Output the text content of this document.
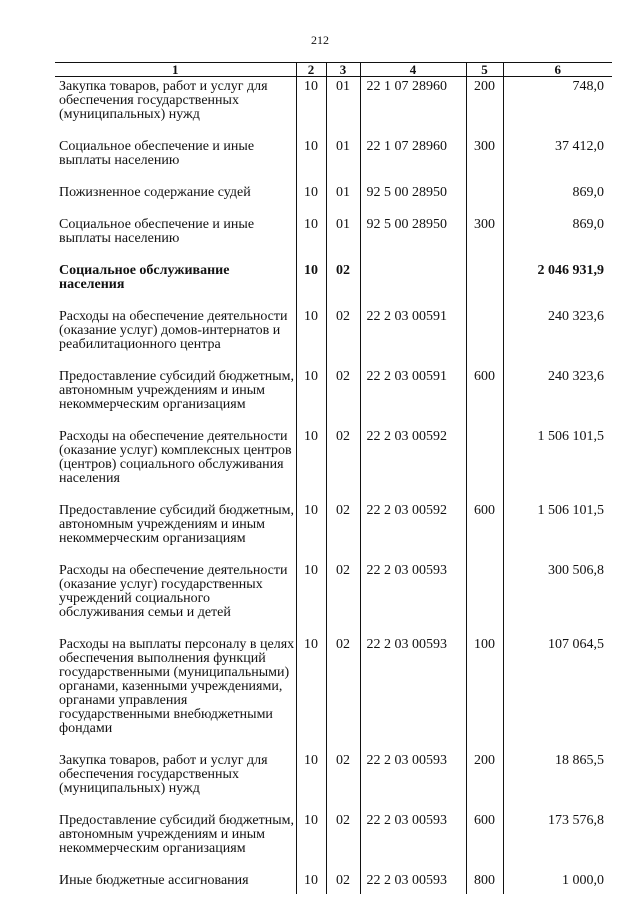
212
1	2	3	4	5	6
Закупка товаров, работ и услуг для обеспечения государственных (муниципальных) нужд	10	01	22 1 07 28960	200	748,0
Социальное обеспечение и иные выплаты населению	10	01	22 1 07 28960	300	37 412,0
Пожизненное содержание судей	10	01	92 5 00 28950		869,0
Социальное обеспечение и иные выплаты населению	10	01	92 5 00 28950	300	869,0
Социальное обслуживание населения	10	02			2 046 931,9
Расходы на обеспечение деятельности (оказание услуг) домов-интернатов и реабилитационного центра	10	02	22 2 03 00591		240 323,6
Предоставление субсидий бюджетным, автономным учреждениям и иным некоммерческим организациям	10	02	22 2 03 00591	600	240 323,6
Расходы на обеспечение деятельности (оказание услуг) комплексных центров (центров) социального обслуживания населения	10	02	22 2 03 00592		1 506 101,5
Предоставление субсидий бюджетным, автономным учреждениям и иным некоммерческим организациям	10	02	22 2 03 00592	600	1 506 101,5
Расходы на обеспечение деятельности (оказание услуг) государственных учреждений социального обслуживания семьи и детей	10	02	22 2 03 00593		300 506,8
Расходы на выплаты персоналу в целях обеспечения выполнения функций государственными (муниципальными) органами, казенными учреждениями, органами управления государственными внебюджетными фондами	10	02	22 2 03 00593	100	107 064,5
Закупка товаров, работ и услуг для обеспечения государственных (муниципальных) нужд	10	02	22 2 03 00593	200	18 865,5
Предоставление субсидий бюджетным, автономным учреждениям и иным некоммерческим организациям	10	02	22 2 03 00593	600	173 576,8
Иные бюджетные ассигнования	10	02	22 2 03 00593	800	1 000,0
